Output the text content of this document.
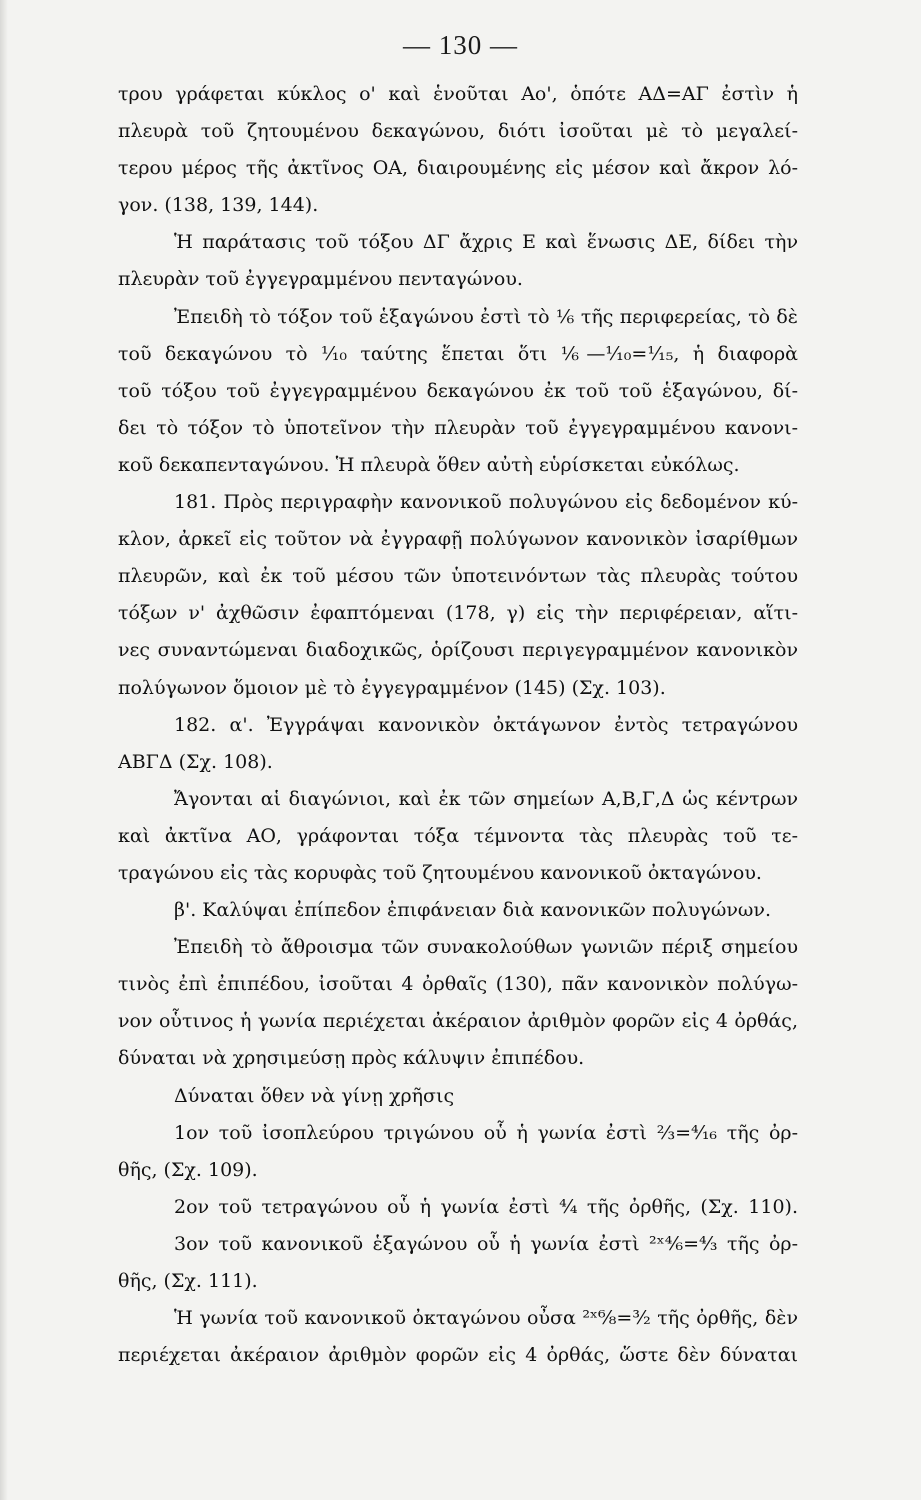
— 130 —
τρου γράφεται κύκλος ο' καὶ ἑνοῦται Αο', ὁπότε ΑΔ=ΑΓ ἐστὶν ἡ
πλευρὰ τοῦ ζητουμένου δεκαγώνου, διότι ἰσοῦται μὲ τὸ μεγαλεί-
τερου μέρος τῆς ἀκτῖνος ΟΑ, διαιρουμένης εἰς μέσον καὶ ἄκρον λό-
γον. (138, 139, 144).
Ἡ παράτασις τοῦ τόξου ΔΓ ἄχρις Ε καὶ ἕνωσις ΔΕ, δίδει τὴν
πλευρὰν τοῦ ἐγγεγραμμένου πενταγώνου.
Ἐπειδὴ τὸ τόξον τοῦ ἑξαγώνου ἐστὶ τὸ ⅙ τῆς περιφερείας, τὸ δὲ
τοῦ δεκαγώνου τὸ ¹⁄₁₀ ταύτης ἕπεται ὅτι ⅙—¹⁄₁₀=¹⁄₁₅, ἡ διαφορὰ
τοῦ τόξου τοῦ ἐγγεγραμμένου δεκαγώνου ἐκ τοῦ τοῦ ἑξαγώνου, δί-
δει τὸ τόξον τὸ ὑποτεῖνον τὴν πλευρὰν τοῦ ἐγγεγραμμένου κανονι-
κοῦ δεκαπενταγώνου. Ἡ πλευρὰ ὅθεν αὐτὴ εὑρίσκεται εὐκόλως.
181. Πρὸς περιγραφὴν κανονικοῦ πολυγώνου εἰς δεδομένον κύ-
κλον, ἀρκεῖ εἰς τοῦτον νὰ ἐγγραφῇ πολύγωνον κανονικὸν ἰσαρίθμων
πλευρῶν, καὶ ἐκ τοῦ μέσου τῶν ὑποτεινόντων τὰς πλευρὰς τούτου
τόξων ν' ἀχθῶσιν ἐφαπτόμεναι (178, γ) εἰς τὴν περιφέρειαν, αἵτι-
νες συναντώμεναι διαδοχικῶς, ὁρίζουσι περιγεγραμμένον κανονικὸν
πολύγωνον ὅμοιον μὲ τὸ ἐγγεγραμμένον (145) (Σχ. 103).
182. α'. Ἐγγράψαι κανονικὸν ὀκτάγωνον ἐντὸς τετραγώνου
ΑΒΓΔ (Σχ. 108).
Ἄγονται αἱ διαγώνιοι, καὶ ἐκ τῶν σημείων Α,Β,Γ,Δ ὡς κέντρων
καὶ ἀκτῖνα ΑΟ, γράφονται τόξα τέμνοντα τὰς πλευρὰς τοῦ τε-
τραγώνου εἰς τὰς κορυφὰς τοῦ ζητουμένου κανονικοῦ ὀκταγώνου.
β'. Καλύψαι ἐπίπεδον ἐπιφάνειαν διὰ κανονικῶν πολυγώνων.
Ἐπειδὴ τὸ ἄθροισμα τῶν συνακολούθων γωνιῶν πέριξ σημείου
τινὸς ἐπὶ ἐπιπέδου, ἰσοῦται 4 ὀρθαῖς (130), πᾶν κανονικὸν πολύγω-
νον οὗτινος ἡ γωνία περιέχεται ἀκέραιον ἀριθμὸν φορῶν εἰς 4 ὀρθάς,
δύναται νὰ χρησιμεύσῃ πρὸς κάλυψιν ἐπιπέδου.
Δύναται ὅθεν νὰ γίνῃ χρῆσις
1ον τοῦ ἰσοπλεύρου τριγώνου οὗ ἡ γωνία ἐστὶ ⅔=⁴⁄₁₆ τῆς ὀρ-
θῆς, (Σχ. 109).
2ον τοῦ τετραγώνου οὗ ἡ γωνία ἐστὶ ⁴⁄₄ τῆς ὀρθῆς, (Σχ. 110).
3ον τοῦ κανονικοῦ ἑξαγώνου οὗ ἡ γωνία ἐστὶ ²ˣ⁴⁄₆=⁴⁄₃ τῆς ὀρ-
θῆς, (Σχ. 111).
Ἡ γωνία τοῦ κανονικοῦ ὀκταγώνου οὖσα ²ˣ⁶⁄₈=³⁄₂ τῆς ὀρθῆς, δὲν
περιέχεται ἀκέραιον ἀριθμὸν φορῶν εἰς 4 ὀρθάς, ὥστε δὲν δύναται
